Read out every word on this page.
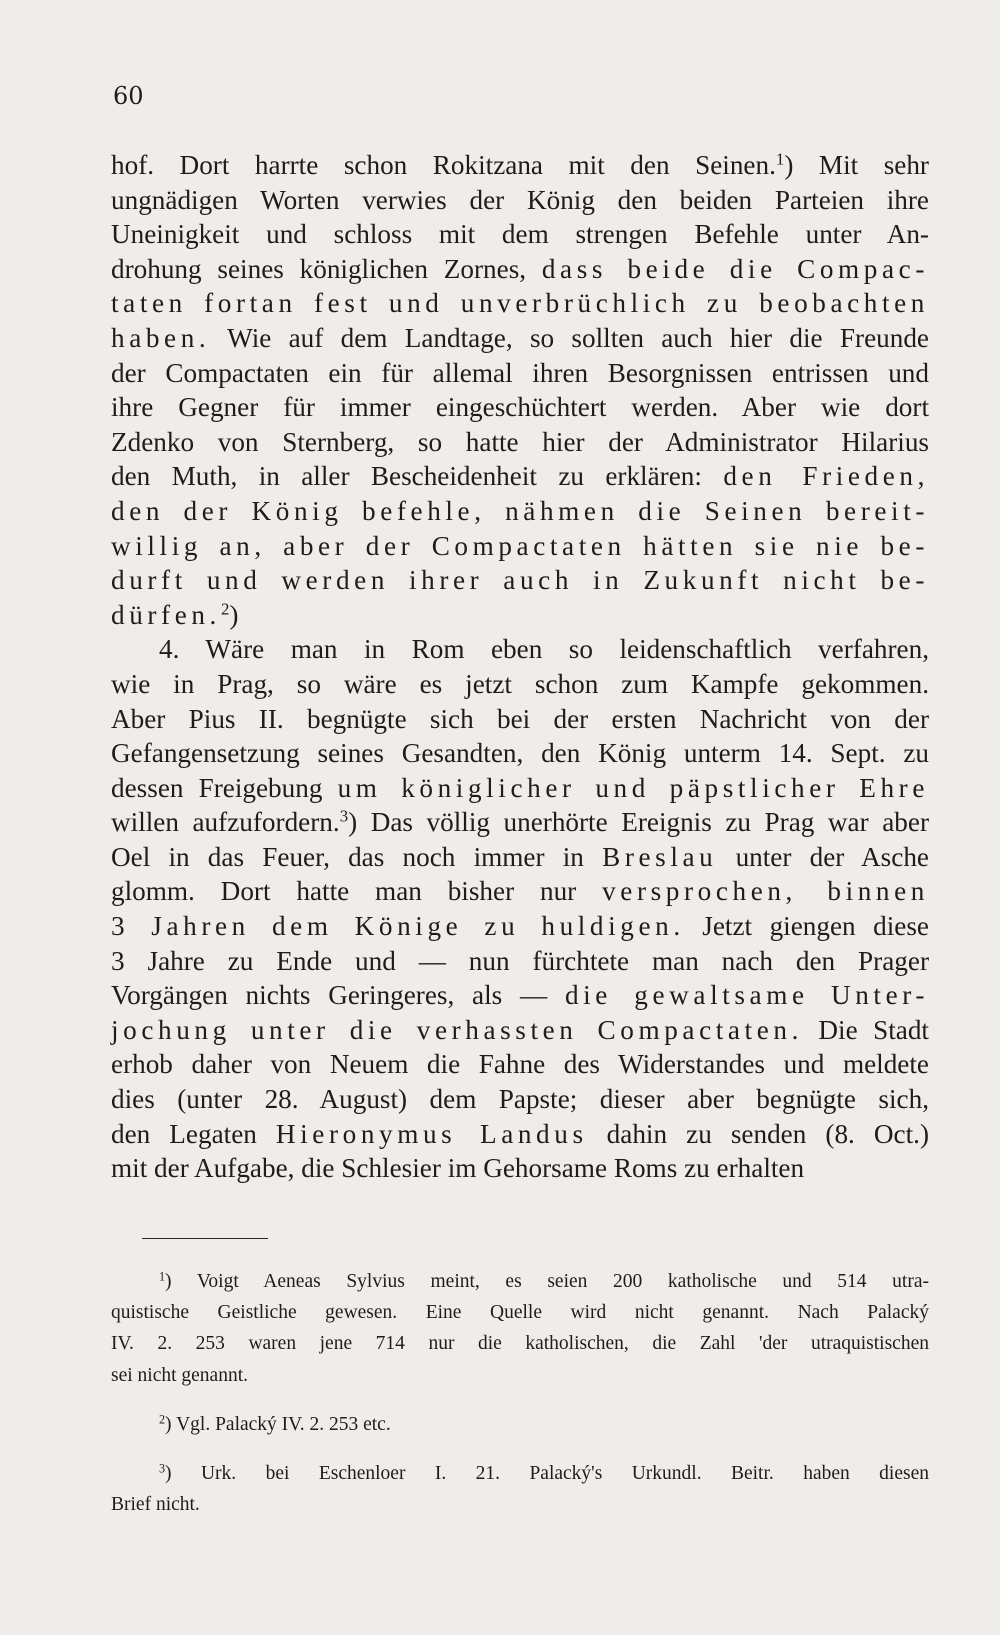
60
hof. Dort harrte schon Rokitzana mit den Seinen.$^1$) Mit sehr
ungnädigen Worten verwies der König den beiden Parteien ihre
Uneinigkeit und schloss mit dem strengen Befehle unter An-
drohung seines königlichen Zornes, dass beide die Compac-
taten fortan fest und unverbrüchlich zu beobachten
haben. Wie auf dem Landtage, so sollten auch hier die Freunde
der Compactaten ein für allemal ihren Besorgnissen entrissen und
ihre Gegner für immer eingeschüchtert werden. Aber wie dort
Zdenko von Sternberg, so hatte hier der Administrator Hilarius
den Muth, in aller Bescheidenheit zu erklären: den Frieden,
den der König befehle, nähmen die Seinen bereit-
willig an, aber der Compactaten hätten sie nie be-
durft und werden ihrer auch in Zukunft nicht be-
dürfen.$^2$)
4. Wäre man in Rom eben so leidenschaftlich verfahren,
wie in Prag, so wäre es jetzt schon zum Kampfe gekommen.
Aber Pius II. begnügte sich bei der ersten Nachricht von der
Gefangensetzung seines Gesandten, den König unterm 14. Sept. zu
dessen Freigebung um königlicher und päpstlicher Ehre
willen aufzufordern.$^3$) Das völlig unerhörte Ereignis zu Prag war aber
Oel in das Feuer, das noch immer in Breslau unter der Asche
glomm. Dort hatte man bisher nur versprochen, binnen
3 Jahren dem Könige zu huldigen. Jetzt giengen diese
3 Jahre zu Ende und — nun fürchtete man nach den Prager
Vorgängen nichts Geringeres, als — die gewaltsame Unter-
jochung unter die verhassten Compactaten. Die Stadt
erhob daher von Neuem die Fahne des Widerstandes und meldete
dies (unter 28. August) dem Papste; dieser aber begnügte sich,
den Legaten Hieronymus Landus dahin zu senden (8. Oct.)
mit der Aufgabe, die Schlesier im Gehorsame Roms zu erhalten
$^1$) Voigt Aeneas Sylvius meint, es seien 200 katholische und 514 utra-
quistische Geistliche gewesen. Eine Quelle wird nicht genannt. Nach Palacký
IV. 2. 253 waren jene 714 nur die katholischen, die Zahl 'der utraquistischen
sei nicht genannt.
$^2$) Vgl. Palacký IV. 2. 253 etc.
$^3$) Urk. bei Eschenloer I. 21. Palacký's Urkundl. Beitr. haben diesen
Brief nicht.
